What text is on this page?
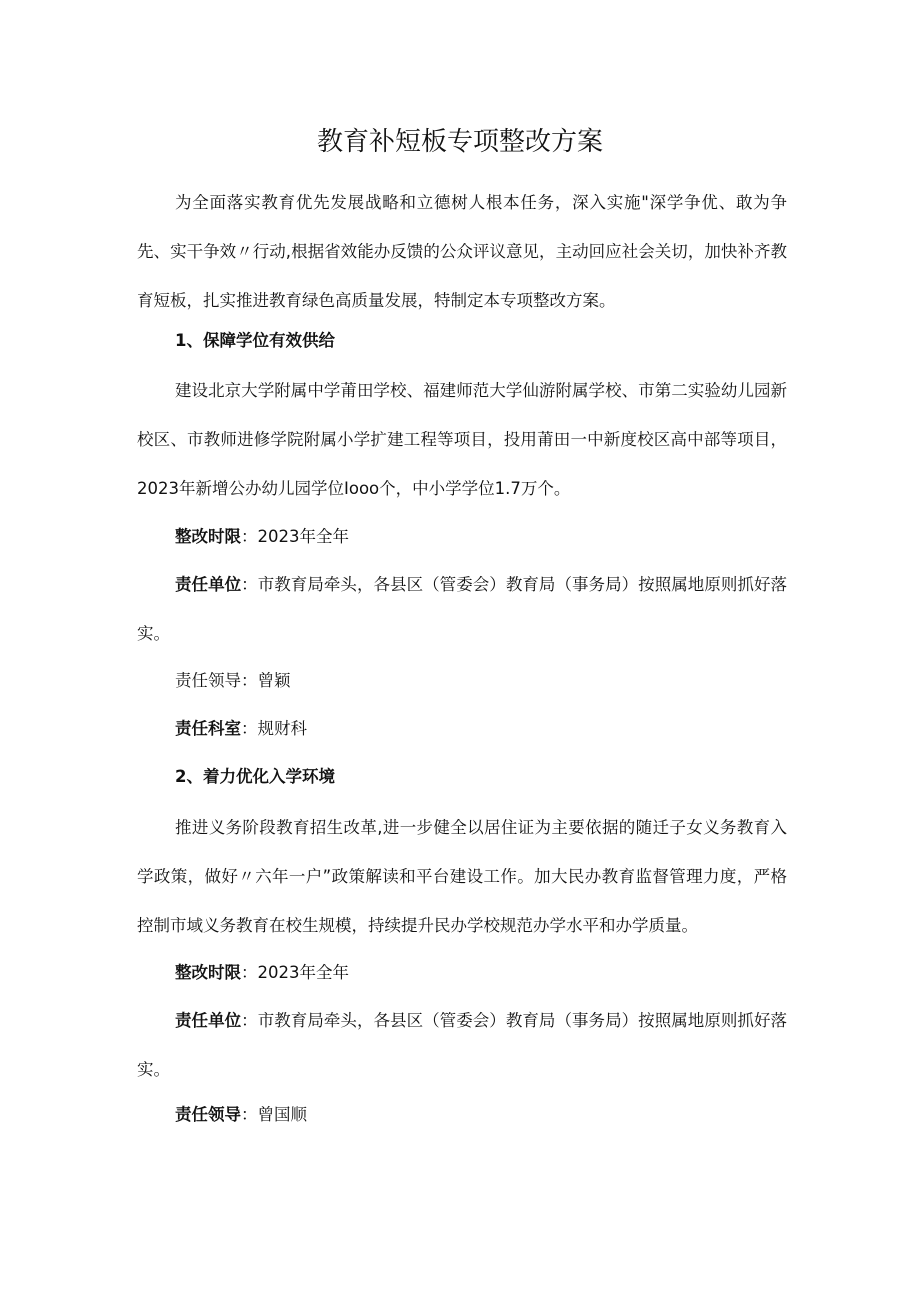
教育补短板专项整改方案

为全面落实教育优先发展战略和立德树人根本任务，深入实施"深学争优、敢为争先、实干争效〃行动,根据省效能办反馈的公众评议意见，主动回应社会关切，加快补齐教育短板，扎实推进教育绿色高质量发展，特制定本专项整改方案。

1、保障学位有效供给

建设北京大学附属中学莆田学校、福建师范大学仙游附属学校、市第二实验幼儿园新校区、市教师进修学院附属小学扩建工程等项目，投用莆田一中新度校区高中部等项目，2023年新增公办幼儿园学位Iooo个，中小学学位1.7万个。

整改时限：2023年全年

责任单位：市教育局牵头，各县区（管委会）教育局（事务局）按照属地原则抓好落实。

责任领导：曾颖

责任科室：规财科

2、着力优化入学环境

推进义务阶段教育招生改革,进一步健全以居住证为主要依据的随迁子女义务教育入学政策，做好〃六年一户”政策解读和平台建设工作。加大民办教育监督管理力度，严格控制市域义务教育在校生规模，持续提升民办学校规范办学水平和办学质量。

整改时限：2023年全年

责任单位：市教育局牵头，各县区（管委会）教育局（事务局）按照属地原则抓好落实。

责任领导：曾国顺
